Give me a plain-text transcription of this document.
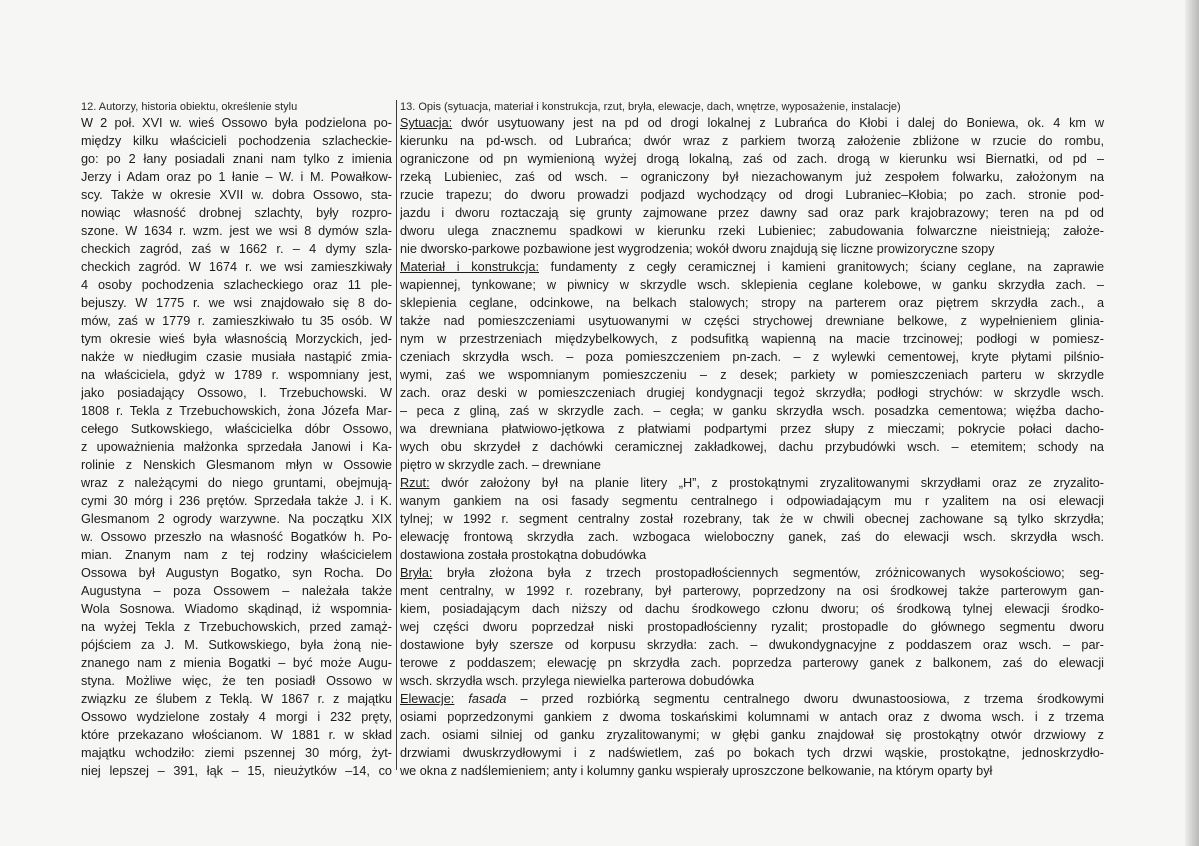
12. Autorzy, historia obiektu, określenie stylu
W 2 poł. XVI w. wieś Ossowo była podzielona po-
między kilku właścicieli pochodzenia szlacheckie-
go: po 2 łany posiadali znani nam tylko z imienia
Jerzy i Adam oraz po 1 łanie – W. i M. Powałkow-
scy. Także w okresie XVII w. dobra Ossowo, sta-
nowiąc własność drobnej szlachty, były rozpro-
szone. W 1634 r. wzm. jest we wsi 8 dymów szla-
checkich zagród, zaś w 1662 r. – 4 dymy szla-
checkich zagród. W 1674 r. we wsi zamieszkiwały
4 osoby pochodzenia szlacheckiego oraz 11 ple-
bejuszy. W 1775 r. we wsi znajdowało się 8 do-
mów, zaś w 1779 r. zamieszkiwało tu 35 osób. W
tym okresie wieś była własnością Morzyckich, jed-
nakże w niedługim czasie musiała nastąpić zmia-
na właściciela, gdyż w 1789 r. wspomniany jest,
jako posiadający Ossowo, I. Trzebuchowski. W
1808 r. Tekla z Trzebuchowskich, żona Józefa Mar-
cełego Sutkowskiego, właścicielka dóbr Ossowo,
z upoważnienia małżonka sprzedała Janowi i Ka-
rolinie z Nenskich Glesmanom młyn w Ossowie
wraz z należącymi do niego gruntami, obejmują-
cymi 30 mórg i 236 prętów. Sprzedała także J. i K.
Glesmanom 2 ogrody warzywne. Na początku XIX
w. Ossowo przeszło na własność Bogatków h. Po-
mian. Znanym nam z tej rodziny właścicielem
Ossowa był Augustyn Bogatko, syn Rocha. Do
Augustyna – poza Ossowem – należała także
Wola Sosnowa. Wiadomo skądinąd, iż wspomnia-
na wyżej Tekla z Trzebuchowskich, przed zamąż-
pójściem za J. M. Sutkowskiego, była żoną nie-
znanego nam z mienia Bogatki – być może Augu-
styna. Możliwe więc, że ten posiadł Ossowo w
związku ze ślubem z Teklą. W 1867 r. z majątku
Ossowo wydzielone zostały 4 morgi i 232 pręty,
które przekazano włościanom. W 1881 r. w skład
majątku wchodziło: ziemi pszennej 30 mórg, żyt-
niej lepszej – 391, łąk – 15, nieużytków –14, co
13. Opis (sytuacja, materiał i konstrukcja, rzut, bryła, elewacje, dach, wnętrze, wyposażenie, instalacje)
Sytuacja: dwór usytuowany jest na pd od drogi lokalnej z Lubrańca do Kłobi i dalej do Boniewa, ok. 4 km w
kierunku na pd-wsch. od Lubrańca; dwór wraz z parkiem tworzą założenie zbliżone w rzucie do rombu,
ograniczone od pn wymienioną wyżej drogą lokalną, zaś od zach. drogą w kierunku wsi Biernatki, od pd –
rzeką Lubieniec, zaś od wsch. – ograniczony był niezachowanym już zespołem folwarku, założonym na
rzucie trapezu; do dworu prowadzi podjazd wychodzący od drogi Lubraniec–Kłobia; po zach. stronie pod-
jazdu i dworu roztaczają się grunty zajmowane przez dawny sad oraz park krajobrazowy; teren na pd od
dworu ulega znacznemu spadkowi w kierunku rzeki Lubieniec; zabudowania folwarczne nieistnieją; założe-
nie dworsko-parkowe pozbawione jest wygrodzenia; wokół dworu znajdują się liczne prowizoryczne szopy
Materiał i konstrukcja: fundamenty z cegły ceramicznej i kamieni granitowych; ściany ceglane, na zaprawie
wapiennej, tynkowane; w piwnicy w skrzydle wsch. sklepienia ceglane kolebowe, w ganku skrzydła zach. –
sklepienia ceglane, odcinkowe, na belkach stalowych; stropy na parterem oraz piętrem skrzydła zach., a
także nad pomieszczeniami usytuowanymi w części strychowej drewniane belkowe, z wypełnieniem glinia-
nym w przestrzeniach międzybelkowych, z podsufitką wapienną na macie trzcinowej; podłogi w pomiesz-
czeniach skrzydła wsch. – poza pomieszczeniem pn-zach. – z wylewki cementowej, kryte płytami pilśnio-
wymi, zaś we wspomnianym pomieszczeniu – z desek; parkiety w pomieszczeniach parteru w skrzydle
zach. oraz deski w pomieszczeniach drugiej kondygnacji tegoż skrzydła; podłogi strychów: w skrzydle wsch.
– peca z gliną, zaś w skrzydle zach. – cegła; w ganku skrzydła wsch. posadzka cementowa; więźba dacho-
wa drewniana płatwiowo-jętkowa z płatwiami podpartymi przez słupy z mieczami; pokrycie połaci dacho-
wych obu skrzydeł z dachówki ceramicznej zakładkowej, dachu przybudówki wsch. – etemitem; schody na
piętro w skrzydle zach. – drewniane
Rzut: dwór założony był na planie litery „H”, z prostokątnymi zryzalitowanymi skrzydłami oraz ze zryzalito-
wanym gankiem na osi fasady segmentu centralnego i odpowiadającym mu r yzalitem na osi elewacji
tylnej; w 1992 r. segment centralny został rozebrany, tak że w chwili obecnej zachowane są tylko skrzydła;
elewację frontową skrzydła zach. wzbogaca wieloboczny ganek, zaś do elewacji wsch. skrzydła wsch.
dostawiona została prostokątna dobudówka
Bryła: bryła złożona była z trzech prostopadłościennych segmentów, zróżnicowanych wysokościowo; seg-
ment centralny, w 1992 r. rozebrany, był parterowy, poprzedzony na osi środkowej także parterowym gan-
kiem, posiadającym dach niższy od dachu środkowego członu dworu; oś środkową tylnej elewacji środko-
wej części dworu poprzedzał niski prostopadłościenny ryzalit; prostopadle do głównego segmentu dworu
dostawione były szersze od korpusu skrzydła: zach. – dwukondygnacyjne z poddaszem oraz wsch. – par-
terowe z poddaszem; elewację pn skrzydła zach. poprzedza parterowy ganek z balkonem, zaś do elewacji
wsch. skrzydła wsch. przylega niewielka parterowa dobudówka
Elewacje: fasada – przed rozbiórką segmentu centralnego dworu dwunastoosiowa, z trzema środkowymi
osiami poprzedzonymi gankiem z dwoma toskańskimi kolumnami w antach oraz z dwoma wsch. i z trzema
zach. osiami silniej od ganku zryzalitowanymi; w głębi ganku znajdował się prostokątny otwór drzwiowy z
drzwiami dwuskrzydłowymi i z nadświetlem, zaś po bokach tych drzwi wąskie, prostokątne, jednoskrzydło-
we okna z nadślemieniem; anty i kolumny ganku wspierały uproszczone belkowanie, na którym oparty był
